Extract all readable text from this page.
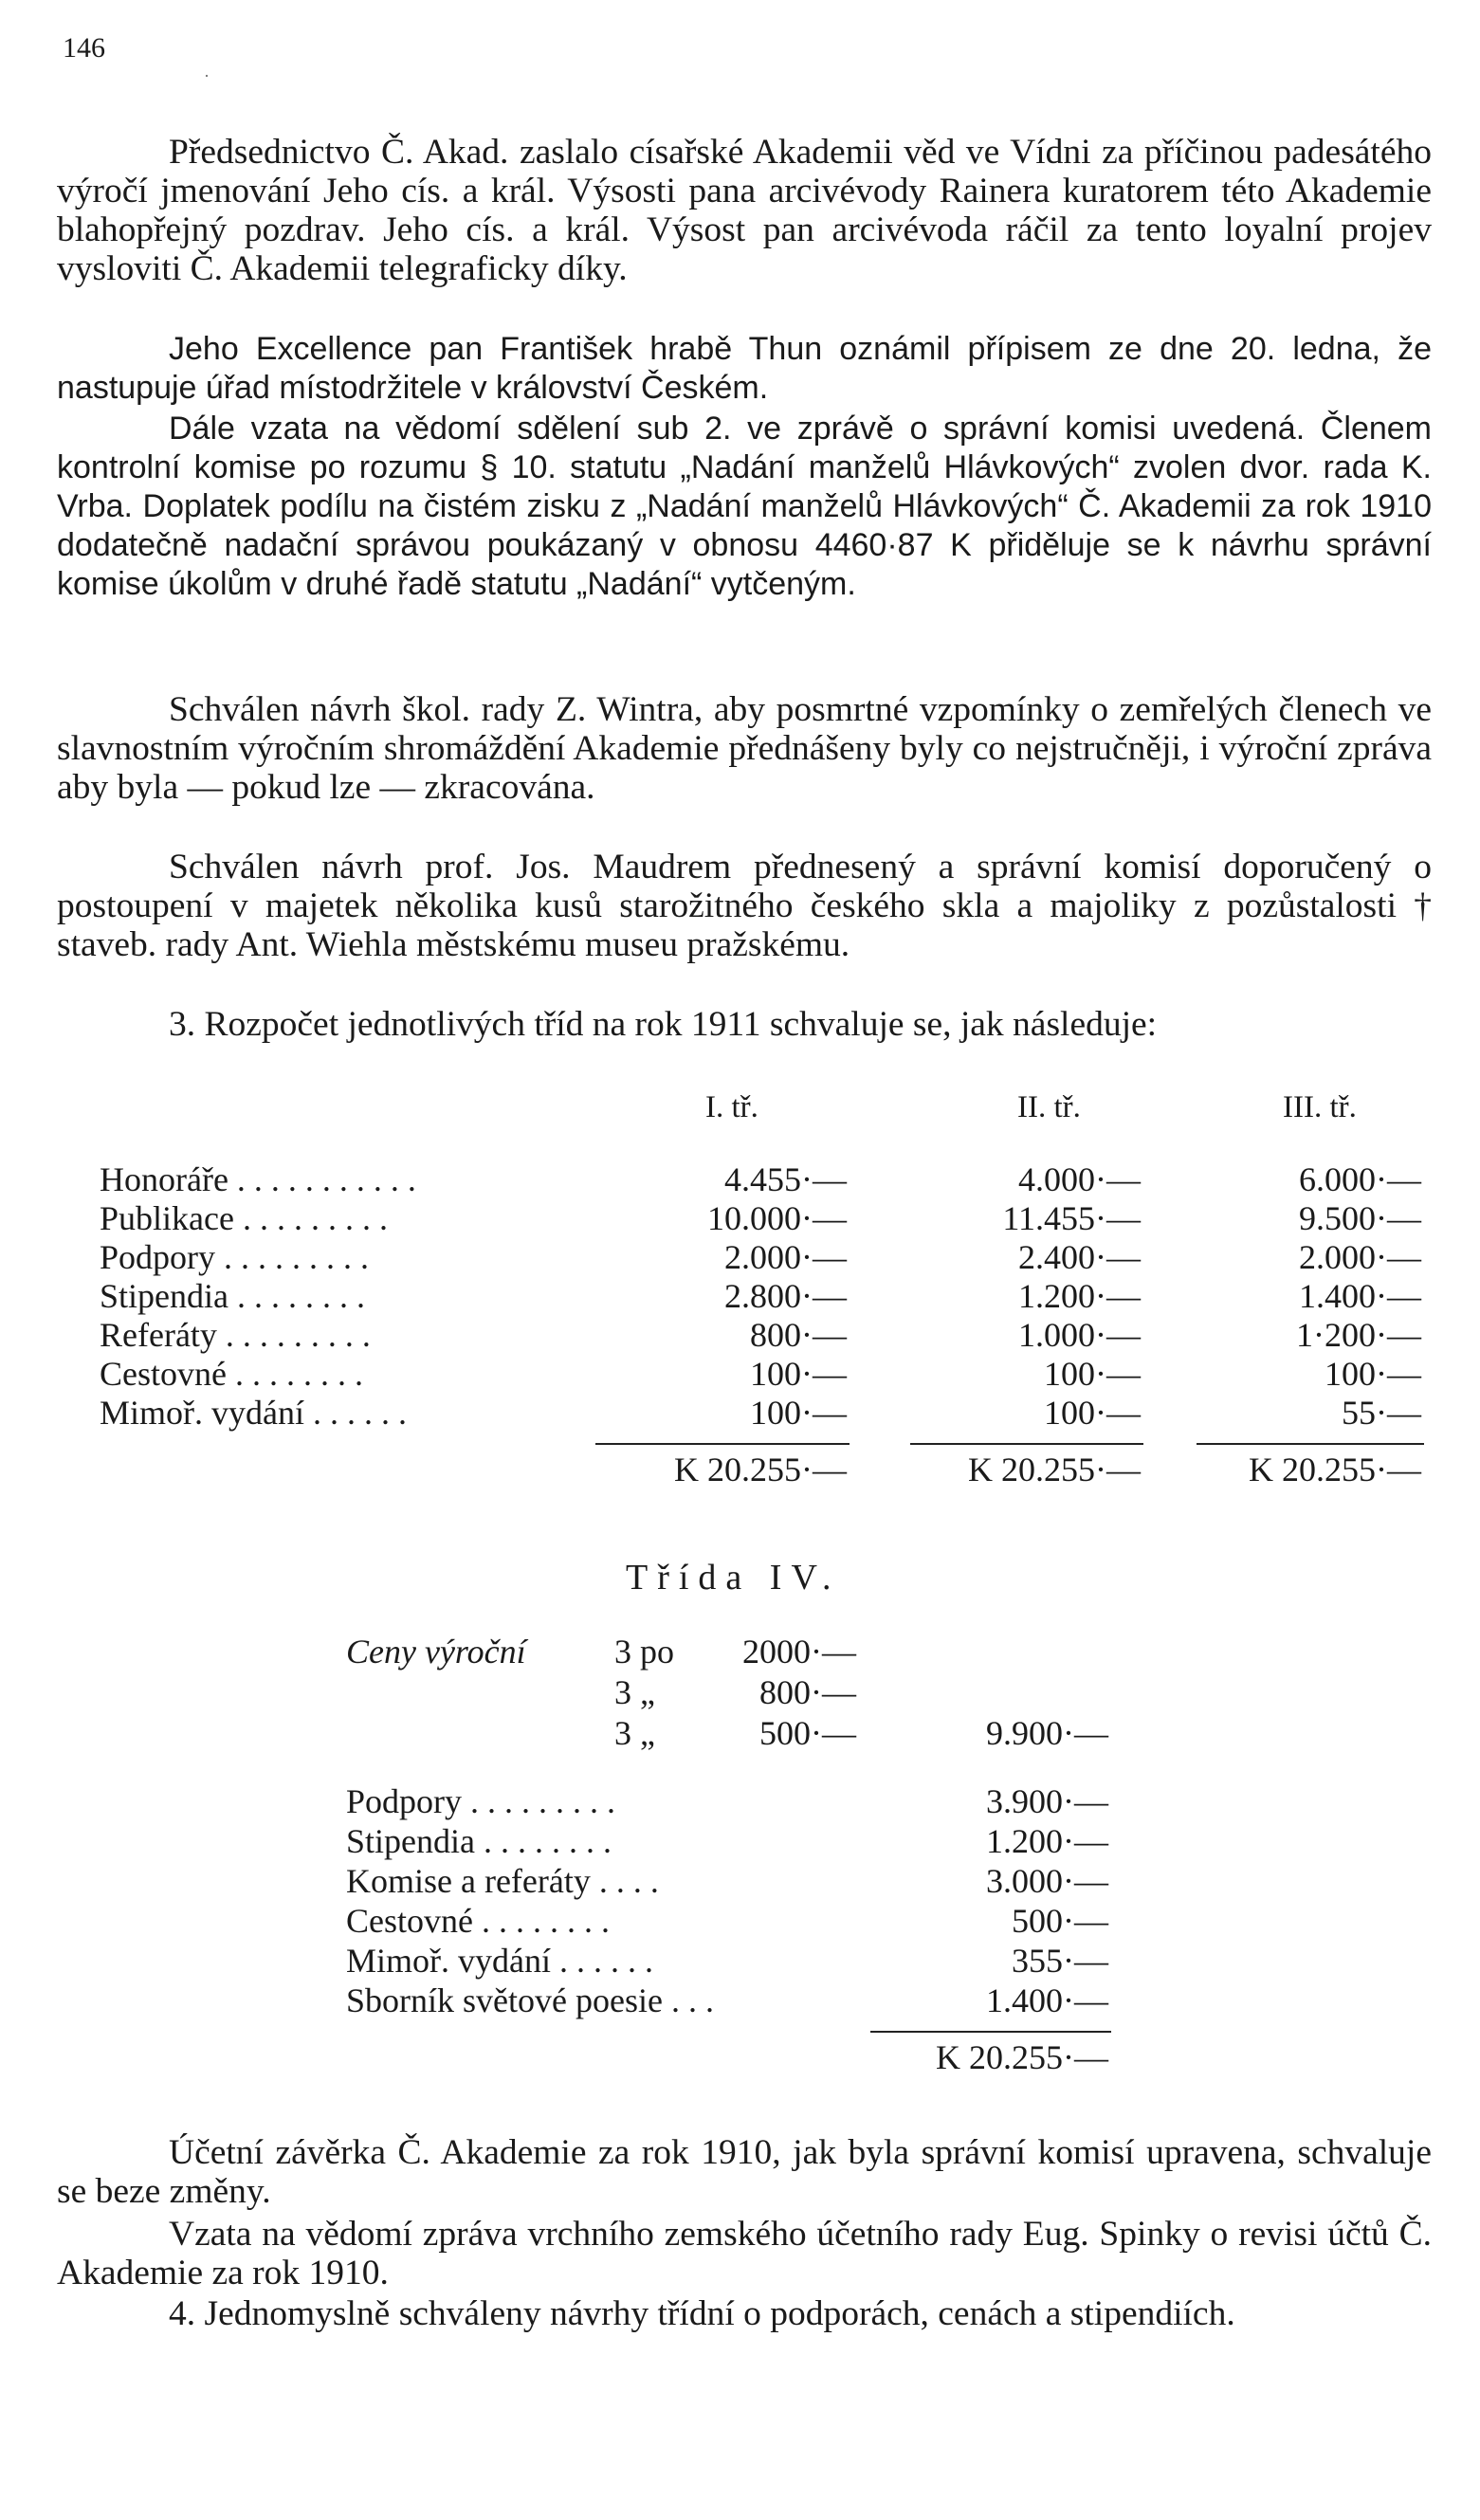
146
·

Předsednictvo Č. Akad. zaslalo císařské Akademii věd ve Vídni za příčinou padesátého výročí jmenování Jeho cís. a král. Výsosti pana arcivévody Rainera kuratorem této Akademie blahopřejný pozdrav. Jeho cís. a král. Výsost pan arcivévoda ráčil za tento loyalní projev vysloviti Č. Akademii telegraficky díky.

Jeho Excellence pan František hrabě Thun oznámil přípisem ze dne 20. ledna, že nastupuje úřad místodržitele v království Českém.

Dále vzata na vědomí sdělení sub 2. ve zprávě o správní komisi uvedená. Členem kontrolní komise po rozumu § 10. statutu „Nadání manželů Hlávkových“ zvolen dvor. rada K. Vrba. Doplatek podílu na čistém zisku z „Nadání manželů Hlávkových“ Č. Akademii za rok 1910 dodatečně nadační správou poukázaný v obnosu 4460·87 K přiděluje se k návrhu správní komise úkolům v druhé řadě statutu „Nadání“ vytčeným.

Schválen návrh škol. rady Z. Wintra, aby posmrtné vzpomínky o zemřelých členech ve slavnostním výročním shromáždění Akademie přednášeny byly co nejstručněji, i výroční zpráva aby byla — pokud lze — zkracována.

Schválen návrh prof. Jos. Maudrem přednesený a správní komisí doporučený o postoupení v majetek několika kusů starožitného českého skla a majoliky z pozůstalosti † staveb. rady Ant. Wiehla městskému museu pražskému.

3. Rozpočet jednotlivých tříd na rok 1911 schvaluje se, jak následuje:

I. tř.	II. tř.	III. tř.
Honoráře . . . . . . . . . . .	4.455·—	4.000·—	6.000·—
Publikace . . . . . . . . .	10.000·—	11.455·—	9.500·—
Podpory . . . . . . . . .	2.000·—	2.400·—	2.000·—
Stipendia . . . . . . . .	2.800·—	1.200·—	1.400·—
Referáty . . . . . . . . .	800·—	1.000·—	1·200·—
Cestovné . . . . . . . .	100·—	100·—	100·—
Mimoř. vydání . . . . . .	100·—	100·—	55·—
K 20.255·—	K 20.255·—	K 20.255·—
Třída IV.
Ceny výroční	3 po 2000·—
3 „	800·—
3 „	500·—	9.900·—
Podpory . . . . . . . . .	3.900·—
Stipendia . . . . . . . .	1.200·—
Komise a referáty . . . .	3.000·—
Cestovné . . . . . . . .	500·—
Mimoř. vydání . . . . . .	355·—
Sborník světové poesie . . .	1.400·—
K 20.255·—

Účetní závěrka Č. Akademie za rok 1910, jak byla správní komisí upravena, schvaluje se beze změny.

Vzata na vědomí zpráva vrchního zemského účetního rady Eug. Spinky o revisi účtů Č. Akademie za rok 1910.

4. Jednomyslně schváleny návrhy třídní o podporách, cenách a stipendiích.
